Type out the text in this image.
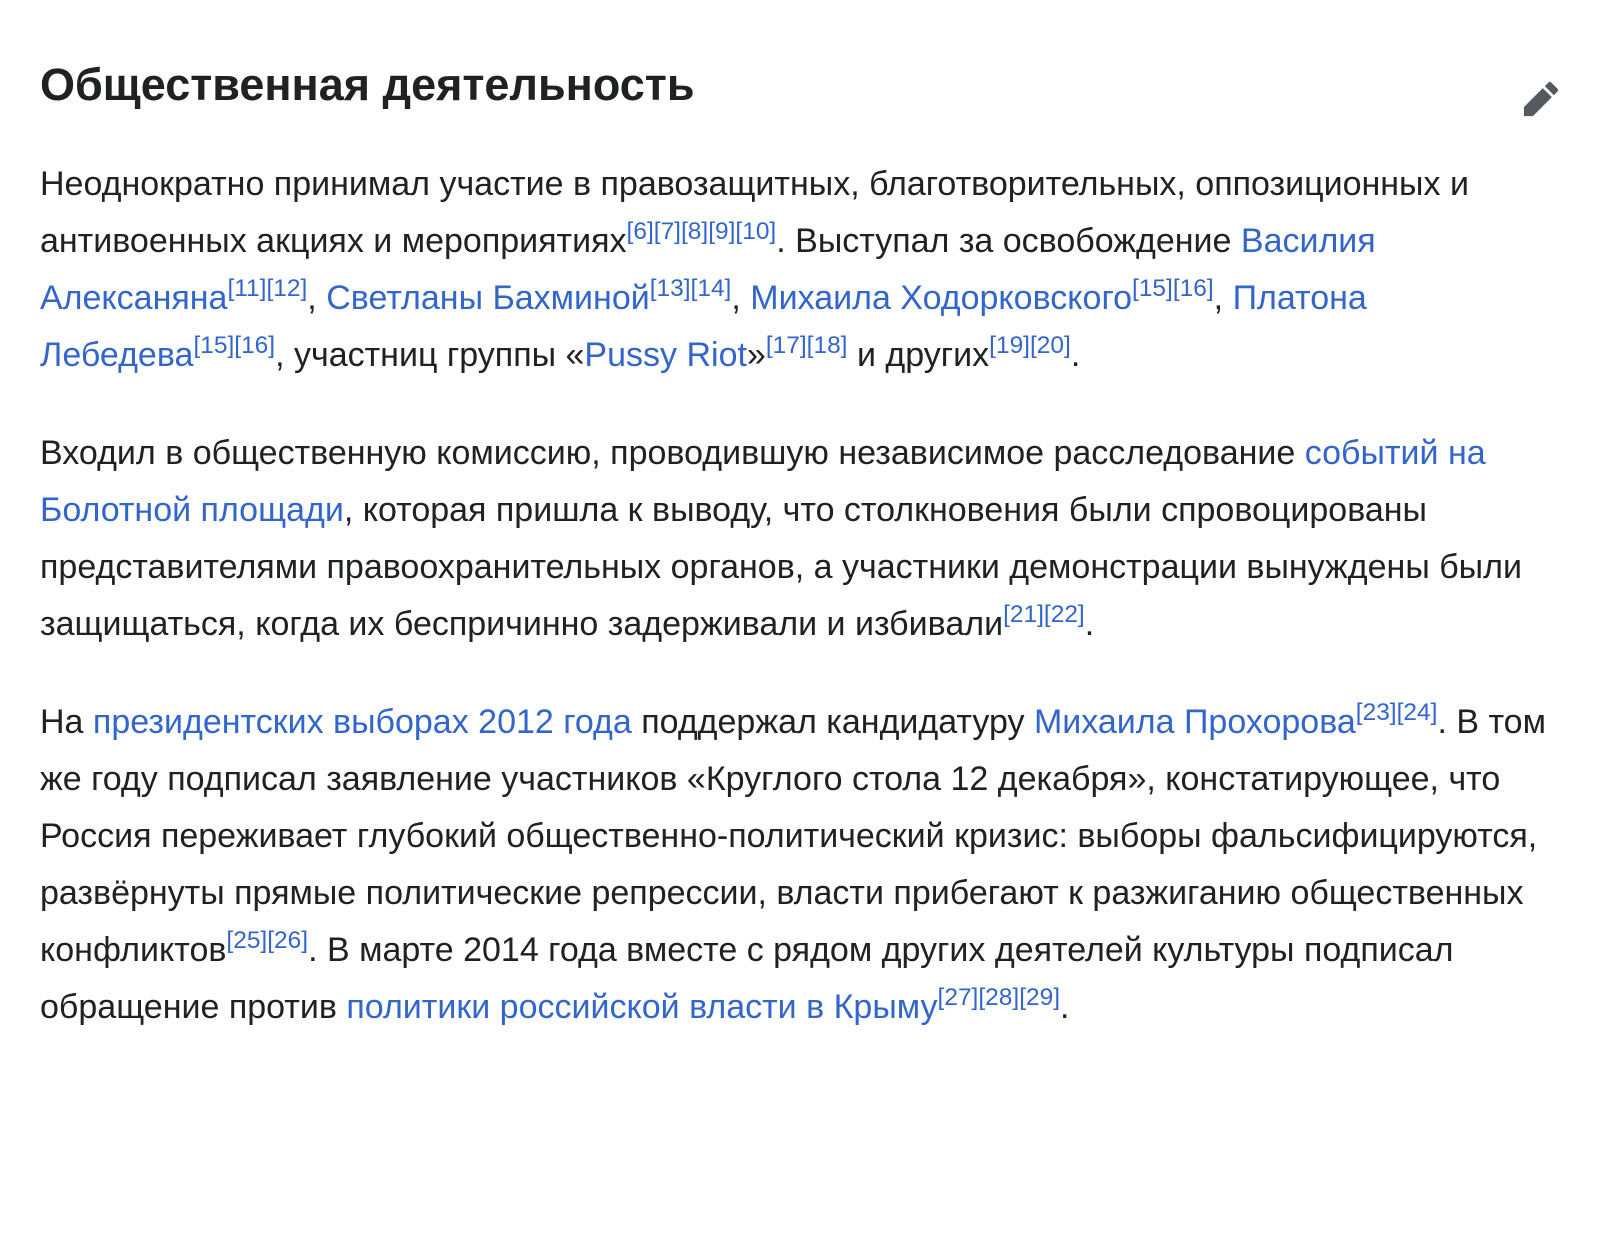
Общественная деятельность

Неоднократно принимал участие в правозащитных, благотворительных, оппозиционных и антивоенных акциях и мероприятиях[6][7][8][9][10]. Выступал за освобождение Василия Алексаняна[11][12], Светланы Бахминой[13][14], Михаила Ходорковского[15][16], Платона Лебедева[15][16], участниц группы «Pussy Riot»[17][18] и других[19][20].

Входил в общественную комиссию, проводившую независимое расследование событий на Болотной площади, которая пришла к выводу, что столкновения были спровоцированы представителями правоохранительных органов, а участники демонстрации вынуждены были защищаться, когда их беспричинно задерживали и избивали[21][22].

На президентских выборах 2012 года поддержал кандидатуру Михаила Прохорова[23][24]. В том же году подписал заявление участников «Круглого стола 12 декабря», констатирующее, что Россия переживает глубокий общественно-политический кризис: выборы фальсифицируются, развёрнуты прямые политические репрессии, власти прибегают к разжиганию общественных конфликтов[25][26]. В марте 2014 года вместе с рядом других деятелей культуры подписал обращение против политики российской власти в Крыму[27][28][29].
